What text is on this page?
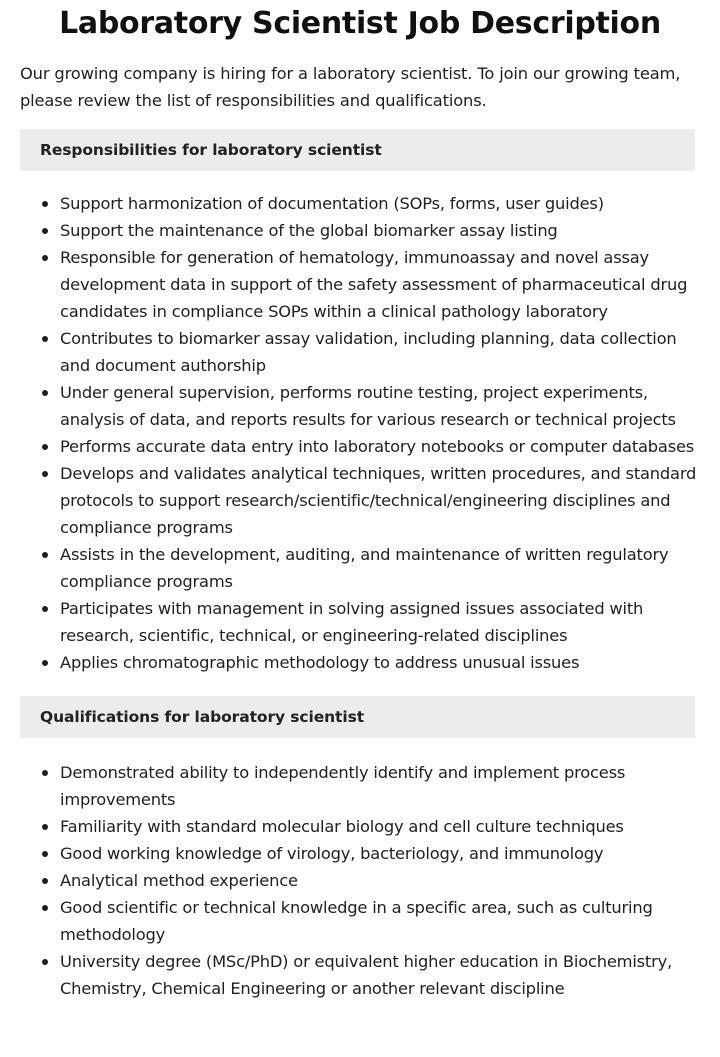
Laboratory Scientist Job Description

Our growing company is hiring for a laboratory scientist. To join our growing team, please review the list of responsibilities and qualifications.

Responsibilities for laboratory scientist
Support harmonization of documentation (SOPs, forms, user guides)
Support the maintenance of the global biomarker assay listing
Responsible for generation of hematology, immunoassay and novel assay development data in support of the safety assessment of pharmaceutical drug candidates in compliance SOPs within a clinical pathology laboratory
Contributes to biomarker assay validation, including planning, data collection and document authorship
Under general supervision, performs routine testing, project experiments, analysis of data, and reports results for various research or technical projects
Performs accurate data entry into laboratory notebooks or computer databases
Develops and validates analytical techniques, written procedures, and standard protocols to support research/scientific/technical/engineering disciplines and compliance programs
Assists in the development, auditing, and maintenance of written regulatory compliance programs
Participates with management in solving assigned issues associated with research, scientific, technical, or engineering-related disciplines
Applies chromatographic methodology to address unusual issues
Qualifications for laboratory scientist
Demonstrated ability to independently identify and implement process improvements
Familiarity with standard molecular biology and cell culture techniques
Good working knowledge of virology, bacteriology, and immunology
Analytical method experience
Good scientific or technical knowledge in a specific area, such as culturing methodology
University degree (MSc/PhD) or equivalent higher education in Biochemistry, Chemistry, Chemical Engineering or another relevant discipline
